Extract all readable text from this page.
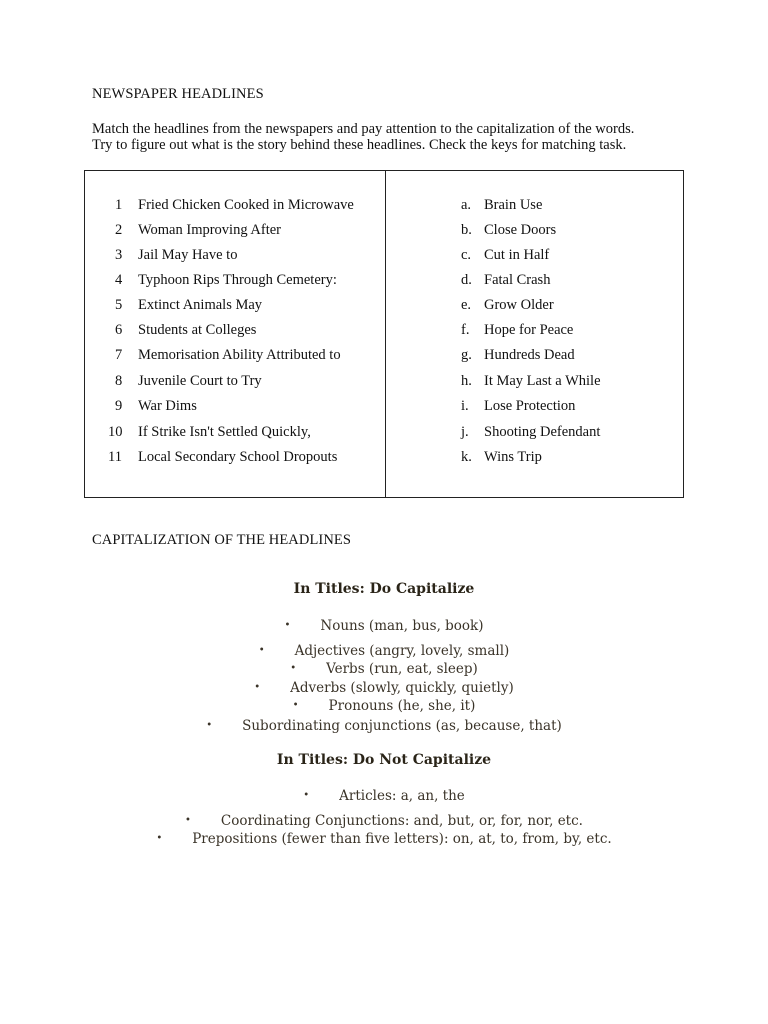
NEWSPAPER HEADLINES
Match the headlines from the newspapers and pay attention to the capitalization of the words.
Try to figure out what is the story behind these headlines. Check the keys for matching task.
1 Fried Chicken Cooked in Microwave
2 Woman Improving After
3 Jail May Have to
4 Typhoon Rips Through Cemetery:
5 Extinct Animals May
6 Students at Colleges
7 Memorisation Ability Attributed to
8 Juvenile Court to Try
9 War Dims
10 If Strike Isn't Settled Quickly,
11 Local Secondary School Dropouts
a. Brain Use
b. Close Doors
c. Cut in Half
d. Fatal Crash
e. Grow Older
f. Hope for Peace
g. Hundreds Dead
h. It May Last a While
i. Lose Protection
j. Shooting Defendant
k. Wins Trip
CAPITALIZATION OF THE HEADLINES
In Titles: Do Capitalize
• Nouns (man, bus, book)
• Adjectives (angry, lovely, small)
• Verbs (run, eat, sleep)
• Adverbs (slowly, quickly, quietly)
• Pronouns (he, she, it)
• Subordinating conjunctions (as, because, that)
In Titles: Do Not Capitalize
• Articles: a, an, the
• Coordinating Conjunctions: and, but, or, for, nor, etc.
• Prepositions (fewer than five letters): on, at, to, from, by, etc.
